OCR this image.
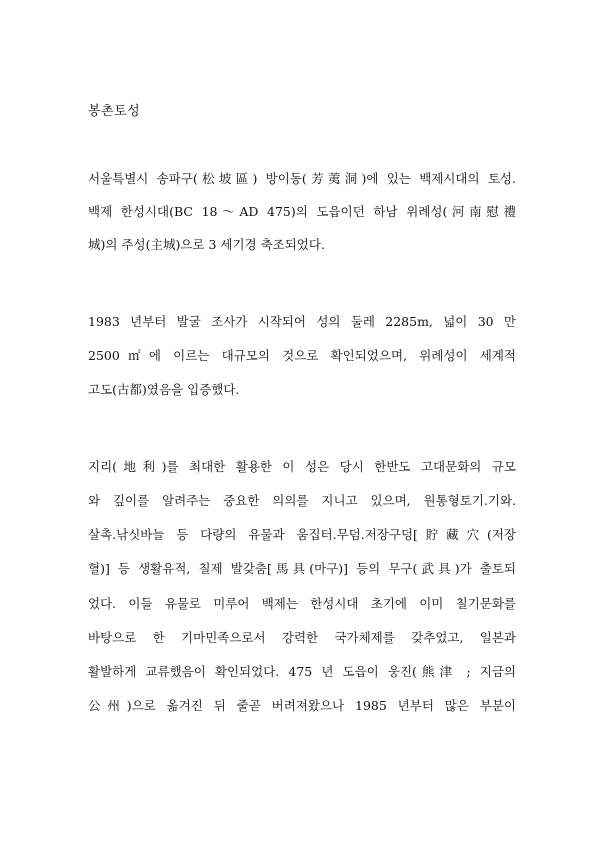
봉촌토성
서울특별시 송파구(松坡區) 방이동(芳荑洞)에 있는 백제시대의 토성.
백제 한성시대(BC 18～AD 475)의 도읍이던 하남 위례성(河南慰禮
城)의 주성(主城)으로 3 세기경 축조되었다.
1983 년부터 발굴 조사가 시작되어 성의 둘레 2285m, 넓이 30 만
2500㎡에 이르는 대규모의 것으로 확인되었으며, 위례성이 세계적
고도(古都)였음을 입증했다.
지리(地利)를 최대한 활용한 이 성은 당시 한반도 고대문화의 규모
와 깊이를 알려주는 중요한 의의를 지니고 있으며, 원통형토기.기와.
살촉.낚싯바늘 등 다량의 유물과 움집터.무덤.저장구덩[貯藏穴(저장
혈)] 등 생활유적, 칠제 발갖춤[馬具(마구)] 등의 무구(武具)가 출토되
었다. 이들 유물로 미루어 백제는 한성시대 초기에 이미 칠기문화를
바탕으로 한 기마민족으로서 강력한 국가체제를 갖추었고, 일본과
활발하게 교류했음이 확인되었다. 475 년 도읍이 웅진(熊津 ; 지금의
公州)으로 옮겨진 뒤 줄곧 버려져왔으나 1985 년부터 많은 부분이
